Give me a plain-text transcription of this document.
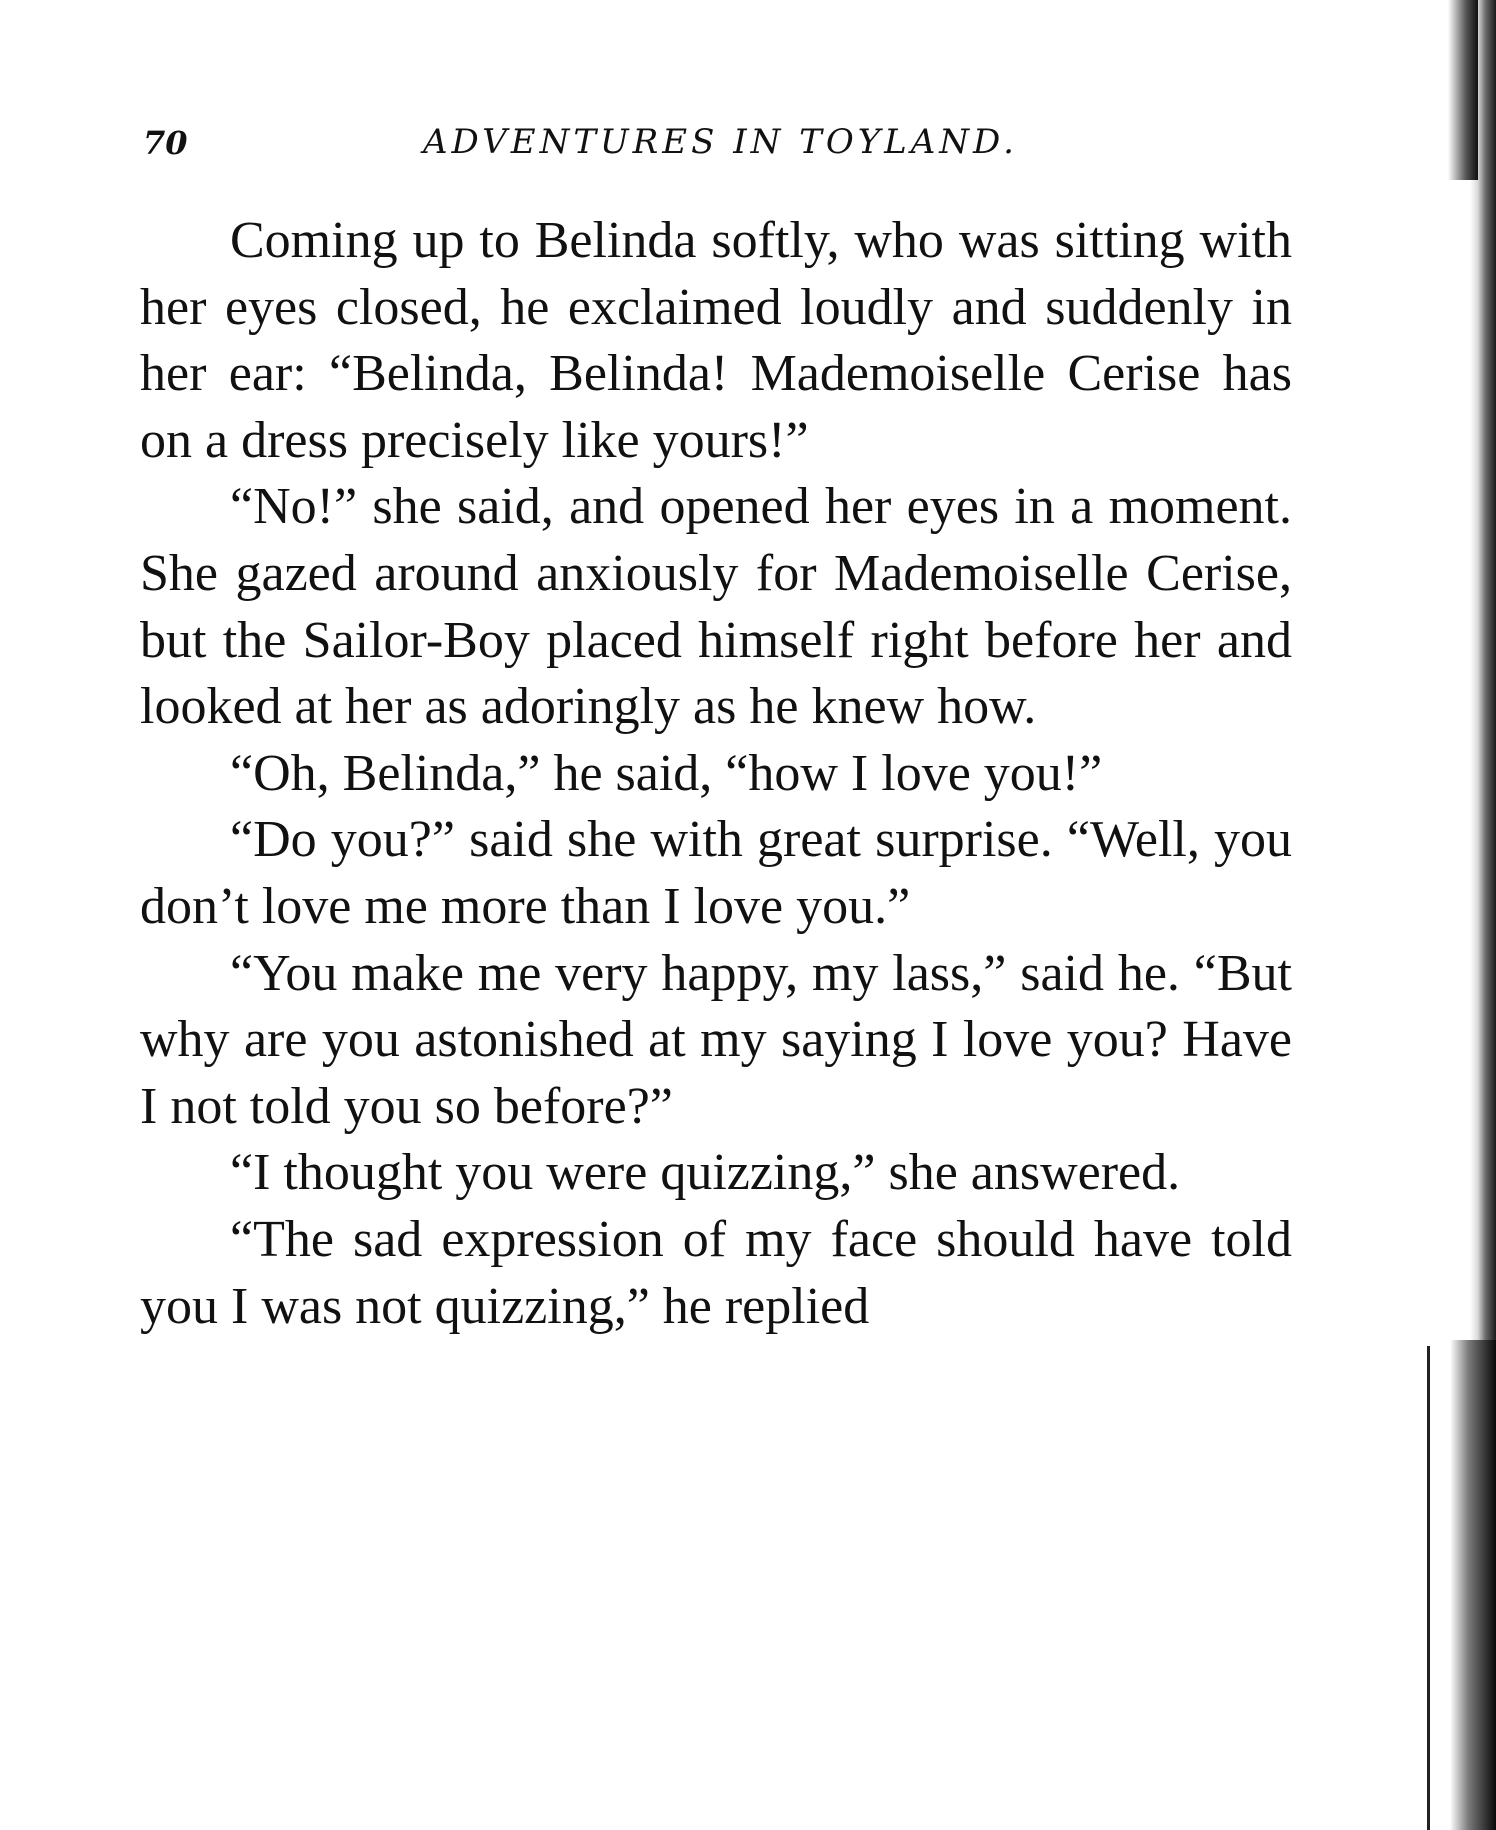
70	ADVENTURES IN TOYLAND.

Coming up to Belinda softly, who was sitting with her eyes closed, he exclaimed loudly and suddenly in her ear: “Belinda, Belinda! Mademoiselle Cerise has on a dress precisely like yours!”

“No!” she said, and opened her eyes in a moment. She gazed around anxiously for Mademoiselle Cerise, but the Sailor-Boy placed himself right before her and looked at her as adoringly as he knew how.

“Oh, Belinda,” he said, “how I love you!”

“Do you?” said she with great surprise. “Well, you don’t love me more than I love you.”

“You make me very happy, my lass,” said he. “But why are you astonished at my saying I love you? Have I not told you so before?”

“I thought you were quizzing,” she answered.

“The sad expression of my face should have told you I was not quizzing,” he replied
